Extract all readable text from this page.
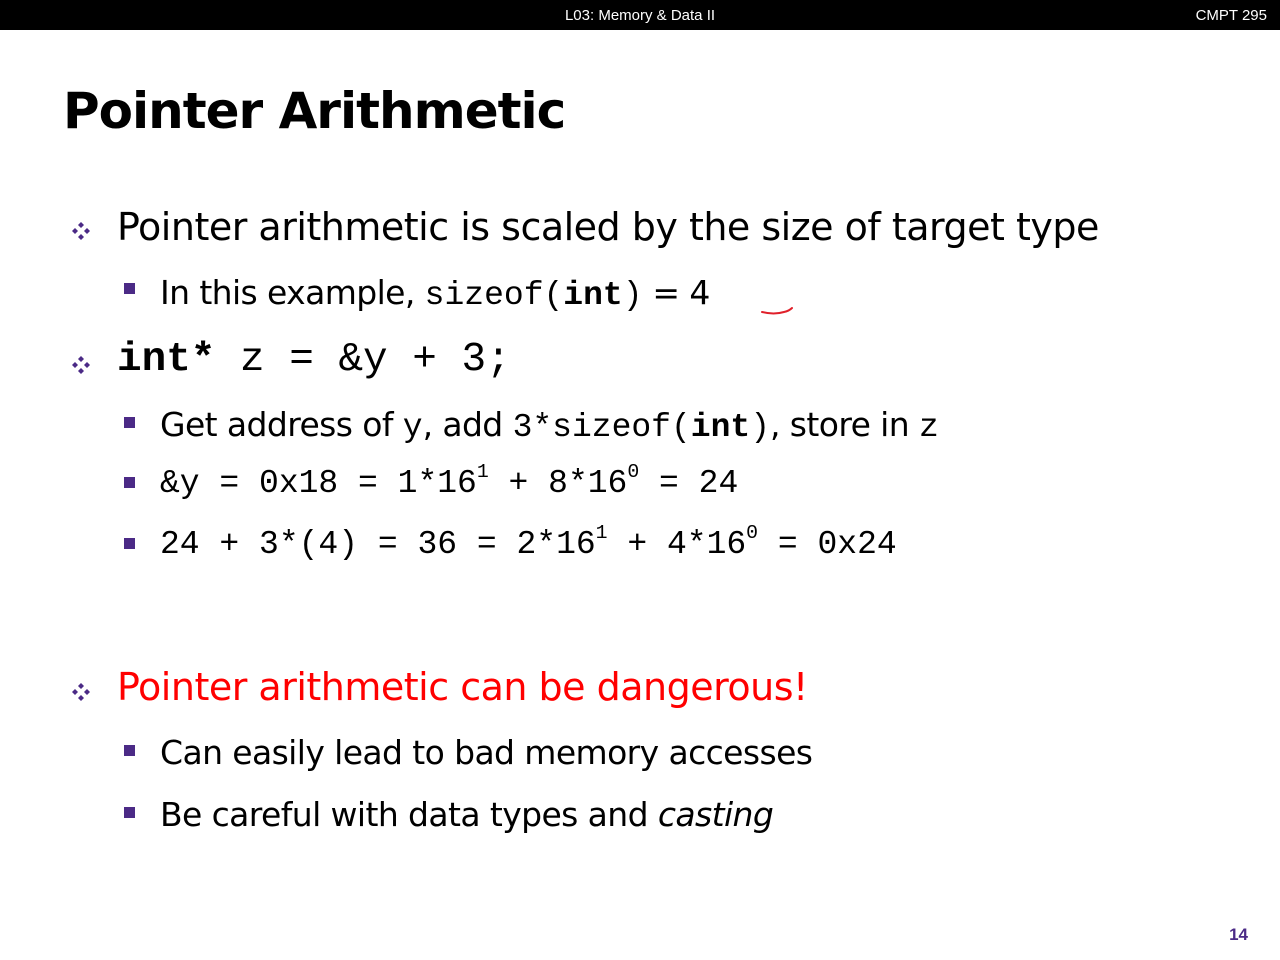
L03: Memory & Data II	CMPT 295
Pointer Arithmetic
Pointer arithmetic is scaled by the size of target type
In this example, sizeof(int) = 4
int* z = &y + 3;
Get address of y, add 3*sizeof(int), store in z
&y = $0x18 = 1*16^1 + 8*16^0 = 24$
$24 + 3*(4) = 36 = 2*16^1 + 4*16^0 = 0x24$
Pointer arithmetic can be dangerous!
Can easily lead to bad memory accesses
Be careful with data types and casting
14
